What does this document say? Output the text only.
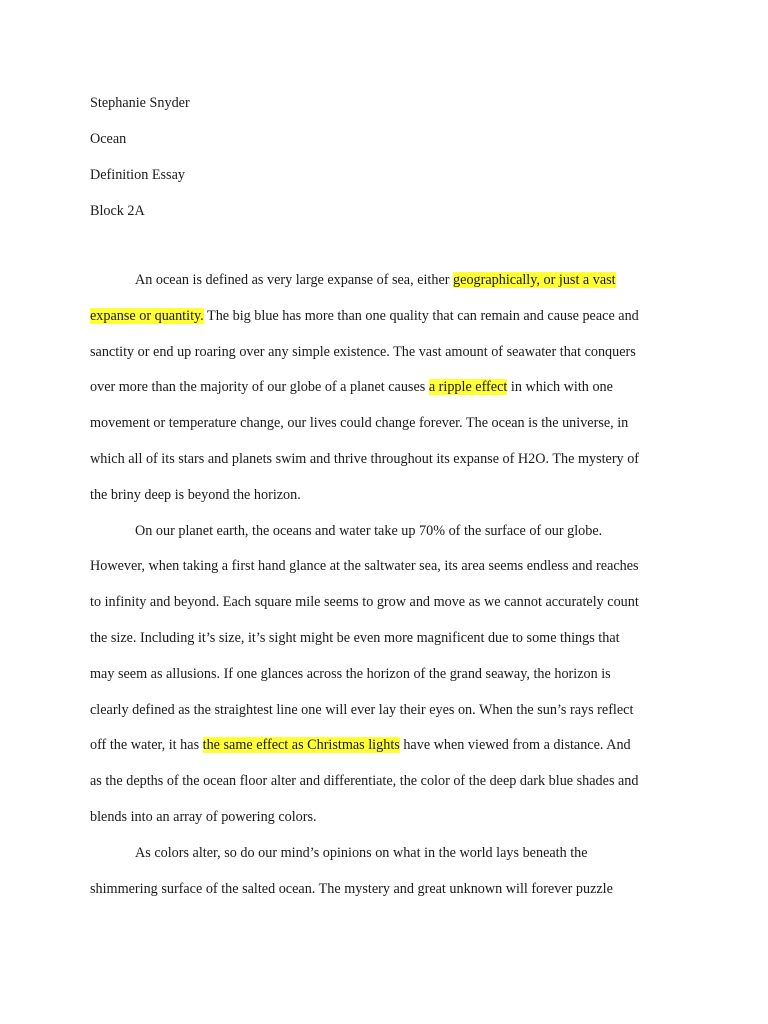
Stephanie Snyder
Ocean
Definition Essay
Block 2A
An ocean is defined as very large expanse of sea, either geographically, or just a vast
expanse or quantity. The big blue has more than one quality that can remain and cause peace and
sanctity or end up roaring over any simple existence. The vast amount of seawater that conquers
over more than the majority of our globe of a planet causes a ripple effect in which with one
movement or temperature change, our lives could change forever. The ocean is the universe, in
which all of its stars and planets swim and thrive throughout its expanse of H2O. The mystery of
the briny deep is beyond the horizon.
On our planet earth, the oceans and water take up 70% of the surface of our globe.
However, when taking a first hand glance at the saltwater sea, its area seems endless and reaches
to infinity and beyond. Each square mile seems to grow and move as we cannot accurately count
the size. Including it’s size, it’s sight might be even more magnificent due to some things that
may seem as allusions. If one glances across the horizon of the grand seaway, the horizon is
clearly defined as the straightest line one will ever lay their eyes on. When the sun’s rays reflect
off the water, it has the same effect as Christmas lights have when viewed from a distance. And
as the depths of the ocean floor alter and differentiate, the color of the deep dark blue shades and
blends into an array of powering colors.
As colors alter, so do our mind’s opinions on what in the world lays beneath the
shimmering surface of the salted ocean. The mystery and great unknown will forever puzzle
